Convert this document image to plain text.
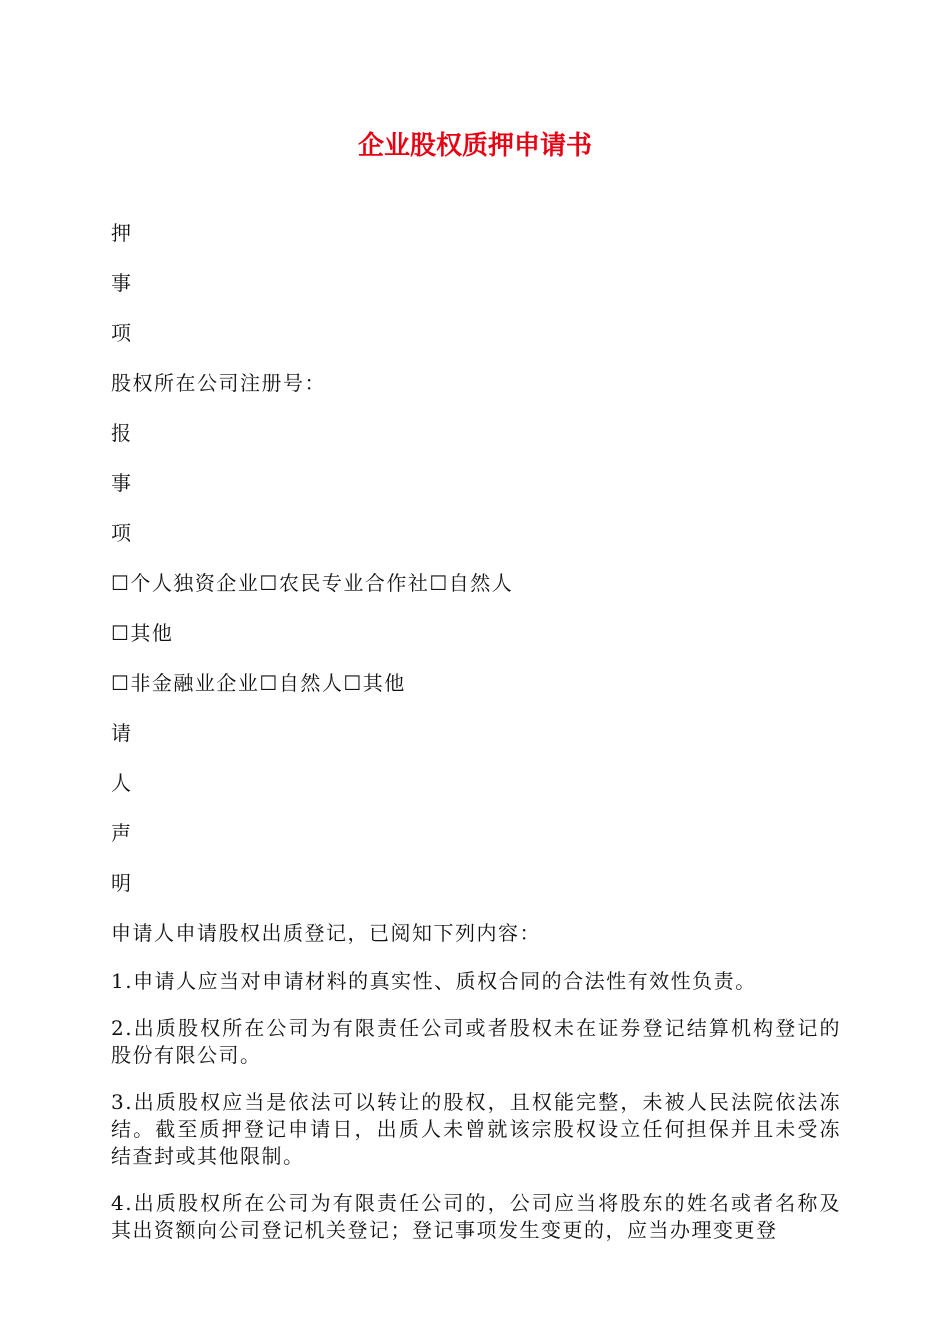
企业股权质押申请书
押
事
项
股权所在公司注册号：
报
事
项
☐个人独资企业☐农民专业合作社☐自然人
☐其他
☐非金融业企业☐自然人☐其他
请
人
声
明
申请人申请股权出质登记，已阅知下列内容：
1.申请人应当对申请材料的真实性、质权合同的合法性有效性负责。
2.出质股权所在公司为有限责任公司或者股权未在证券登记结算机构登记的股份有限公司。
3.出质股权应当是依法可以转让的股权，且权能完整，未被人民法院依法冻结。截至质押登记申请日，出质人未曾就该宗股权设立任何担保并且未受冻结查封或其他限制。
4.出质股权所在公司为有限责任公司的，公司应当将股东的姓名或者名称及其出资额向公司登记机关登记；登记事项发生变更的，应当办理变更登
